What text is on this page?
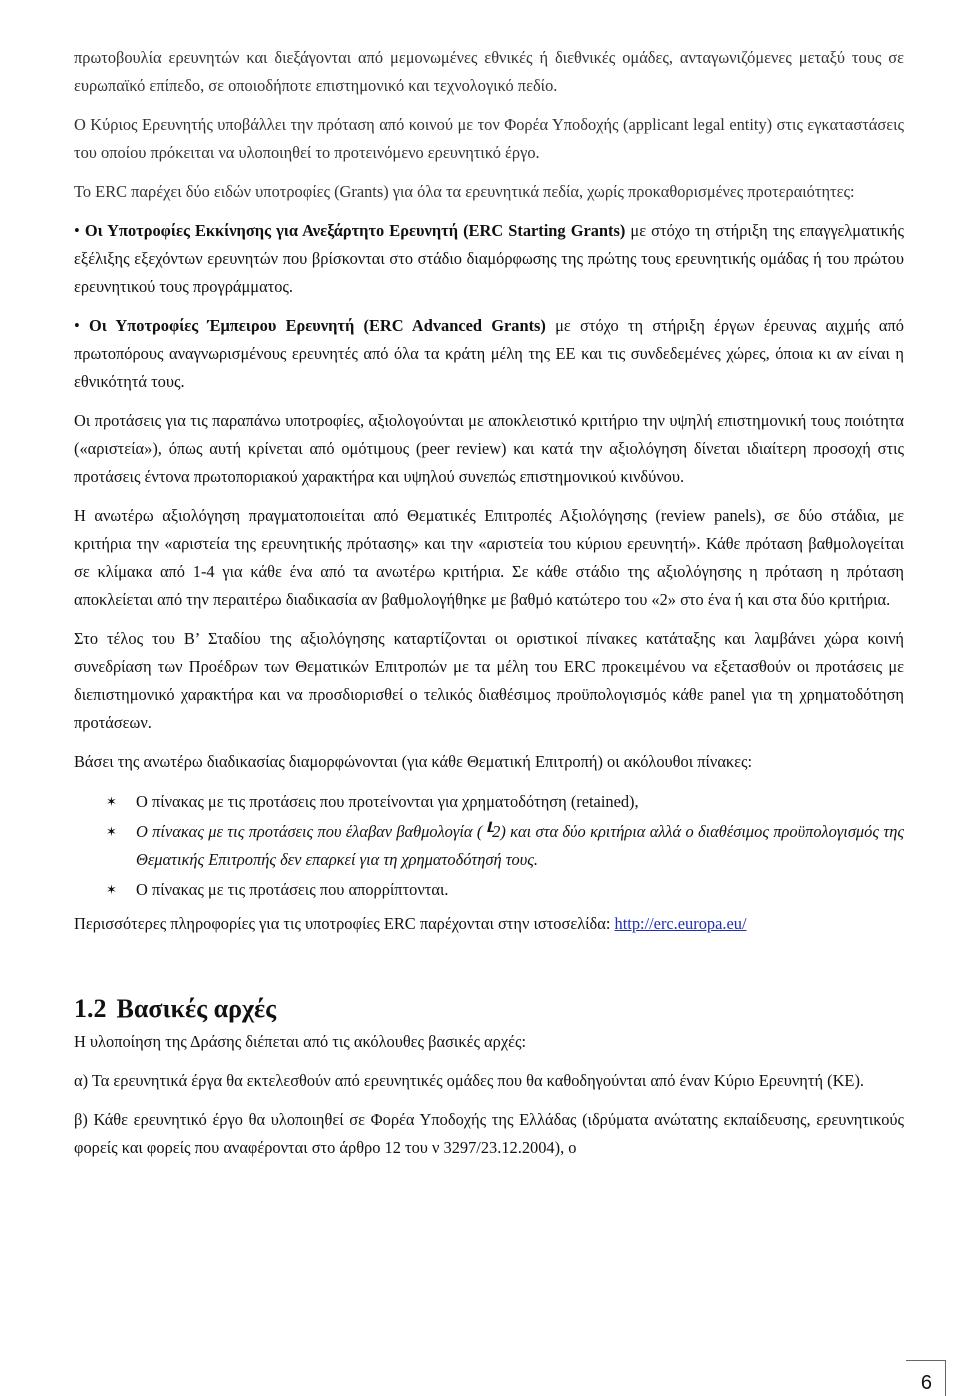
πρωτοβουλία ερευνητών και διεξάγονται από μεμονωμένες εθνικές ή διεθνικές ομάδες, ανταγωνιζόμενες μεταξύ τους σε ευρωπαϊκό επίπεδο, σε οποιοδήποτε επιστημονικό και τεχνολογικό πεδίο.

Ο Κύριος Ερευνητής υποβάλλει την πρόταση από κοινού με τον Φορέα Υποδοχής (applicant legal entity) στις εγκαταστάσεις του οποίου πρόκειται να υλοποιηθεί το προτεινόμενο ερευνητικό έργο.

Το ERC παρέχει δύο ειδών υποτροφίες (Grants) για όλα τα ερευνητικά πεδία, χωρίς προκαθορισμένες προτεραιότητες:

• Οι Υποτροφίες Εκκίνησης για Ανεξάρτητο Ερευνητή (ERC Starting Grants) με στόχο τη στήριξη της επαγγελματικής εξέλιξης εξεχόντων ερευνητών που βρίσκονται στο στάδιο διαμόρφωσης της πρώτης τους ερευνητικής ομάδας ή του πρώτου ερευνητικού τους προγράμματος.

• Οι Υποτροφίες Έμπειρου Ερευνητή (ERC Advanced Grants) με στόχο τη στήριξη έργων έρευνας αιχμής από πρωτοπόρους αναγνωρισμένους ερευνητές από όλα τα κράτη μέλη της ΕΕ και τις συνδεδεμένες χώρες, όποια κι αν είναι η εθνικότητά τους.

Οι προτάσεις για τις παραπάνω υποτροφίες, αξιολογούνται με αποκλειστικό κριτήριο την υψηλή επιστημονική τους ποιότητα («αριστεία»), όπως αυτή κρίνεται από ομότιμους (peer review) και κατά την αξιολόγηση δίνεται ιδιαίτερη προσοχή στις προτάσεις έντονα πρωτοποριακού χαρακτήρα και υψηλού συνεπώς επιστημονικού κινδύνου.

Η ανωτέρω αξιολόγηση πραγματοποιείται από Θεματικές Επιτροπές Αξιολόγησης (review panels), σε δύο στάδια, με κριτήρια την «αριστεία της ερευνητικής πρότασης» και την «αριστεία του κύριου ερευνητή». Κάθε πρόταση βαθμολογείται σε κλίμακα από 1-4 για κάθε ένα από τα ανωτέρω κριτήρια. Σε κάθε στάδιο της αξιολόγησης η πρόταση η πρόταση αποκλείεται από την περαιτέρω διαδικασία αν βαθμολογήθηκε με βαθμό κατώτερο του «2» στο ένα ή και στα δύο κριτήρια.

Στο τέλος του Β’ Σταδίου της αξιολόγησης καταρτίζονται οι οριστικοί πίνακες κατάταξης και λαμβάνει χώρα κοινή συνεδρίαση των Προέδρων των Θεματικών Επιτροπών με τα μέλη του ERC προκειμένου να εξετασθούν οι προτάσεις με διεπιστημονικό χαρακτήρα και να προσδιορισθεί ο τελικός διαθέσιμος προϋπολογισμός κάθε panel για τη χρηματοδότηση προτάσεων.

Βάσει της ανωτέρω διαδικασίας διαμορφώνονται (για κάθε Θεματική Επιτροπή) οι ακόλουθοι πίνακες:

✶ Ο πίνακας με τις προτάσεις που προτείνονται για χρηματοδότηση (retained),

✶ Ο πίνακας με τις προτάσεις που έλαβαν βαθμολογία (┖2) και στα δύο κριτήρια αλλά ο διαθέσιμος προϋπολογισμός της Θεματικής Επιτροπής δεν επαρκεί για τη χρηματοδότησή τους.

✶ Ο πίνακας με τις προτάσεις που απορρίπτονται.

Περισσότερες πληροφορίες για τις υποτροφίες ERC παρέχονται στην ιστοσελίδα: http://erc.europa.eu/

1.2 Βασικές αρχές

Η υλοποίηση της Δράσης διέπεται από τις ακόλουθες βασικές αρχές:

α) Τα ερευνητικά έργα θα εκτελεσθούν από ερευνητικές ομάδες που θα καθοδηγούνται από έναν Κύριο Ερευνητή (ΚΕ).

β) Κάθε ερευνητικό έργο θα υλοποιηθεί σε Φορέα Υποδοχής της Ελλάδας (ιδρύματα ανώτατης εκπαίδευσης, ερευνητικούς φορείς και φορείς που αναφέρονται στο άρθρο 12 του ν 3297/23.12.2004), ο

6
